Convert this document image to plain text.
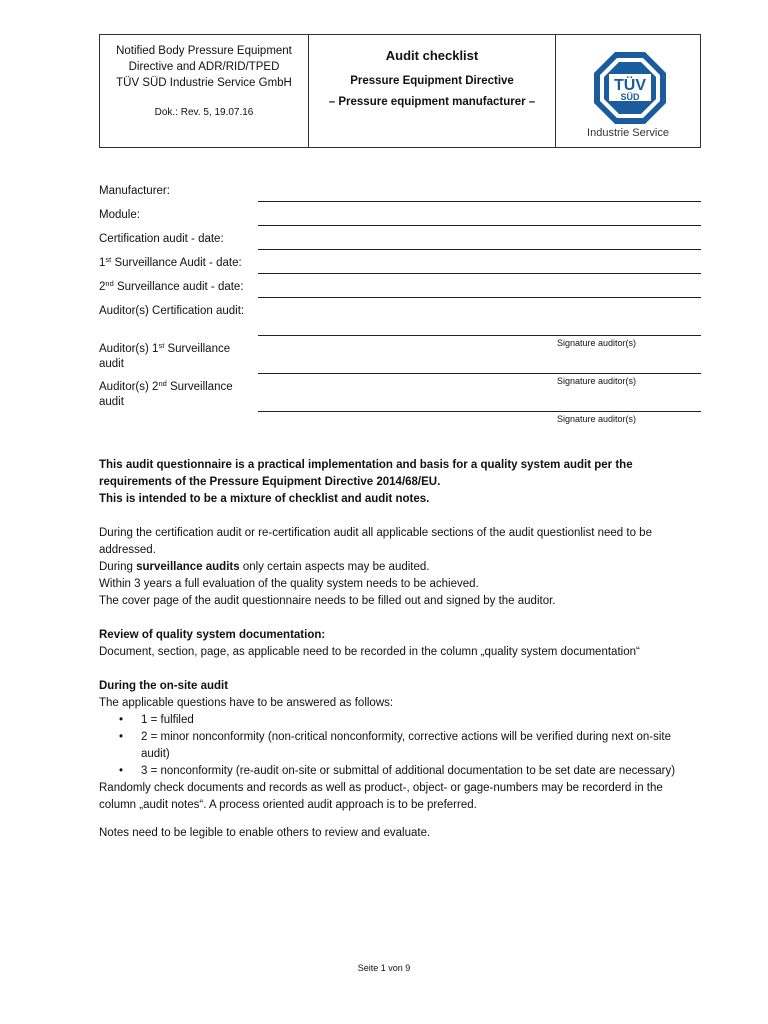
Notified Body Pressure Equipment
Directive and ADR/RID/TPED
TÜV SÜD Industrie Service GmbH
Dok.: Rev. 5, 19.07.16
Audit checklist
Pressure Equipment Directive
– Pressure equipment manufacturer –
TÜV
SÜD
Industrie Service
Manufacturer:
Module:
Certification audit - date:
1st Surveillance Audit - date:
2nd Surveillance audit - date:
Auditor(s) Certification audit:
Signature auditor(s)
Auditor(s) 1st Surveillance
audit
Signature auditor(s)
Auditor(s) 2nd Surveillance
audit
Signature auditor(s)
This audit questionnaire is a practical implementation and basis for a quality system audit per the
requirements of the Pressure Equipment Directive 2014/68/EU.
This is intended to be a mixture of checklist and audit notes.
During the certification audit or re-certification audit all applicable sections of the audit questionlist need to be
addressed.
During surveillance audits only certain aspects may be audited.
Within 3 years a full evaluation of the quality system needs to be achieved.
The cover page of the audit questionnaire needs to be filled out and signed by the auditor.
Review of quality system documentation:
Document, section, page, as applicable need to be recorded in the column „quality system documentation“
During the on-site audit
The applicable questions have to be answered as follows:
• 1 = fulfiled
• 2 = minor nonconformity (non-critical nonconformity, corrective actions will be verified during next on-site
audit)
• 3 = nonconformity (re-audit on-site or submittal of additional documentation to be set date are necessary)
Randomly check documents and records as well as product-, object- or gage-numbers may be recorderd in the
column „audit notes“. A process oriented audit approach is to be preferred.
Notes need to be legible to enable others to review and evaluate.
Seite 1 von 9
